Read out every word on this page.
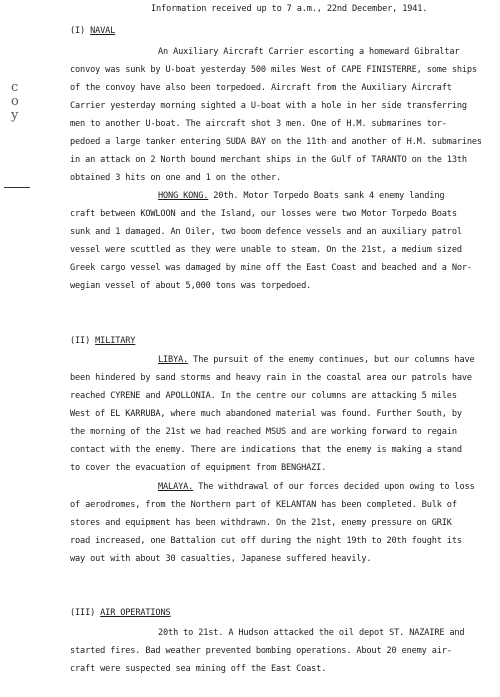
Information received up to 7 a.m., 22nd December, 1941.
c
o
y
(I) NAVAL
An Auxiliary Aircraft Carrier escorting a homeward Gibraltar
convoy was sunk by U-boat yesterday 500 miles West of CAPE FINISTERRE, some ships
of the convoy have also been torpedoed. Aircraft from the Auxiliary Aircraft
Carrier yesterday morning sighted a U-boat with a hole in her side transferring
men to another U-boat. The aircraft shot 3 men. One of H.M. submarines tor-
pedoed a large tanker entering SUDA BAY on the 11th and another of H.M. submarines
in an attack on 2 North bound merchant ships in the Gulf of TARANTO on the 13th
obtained 3 hits on one and 1 on the other.
HONG KONG. 20th. Motor Torpedo Boats sank 4 enemy landing
craft between KOWLOON and the Island, our losses were two Motor Torpedo Boats
sunk and 1 damaged. An Oiler, two boom defence vessels and an auxiliary patrol
vessel were scuttled as they were unable to steam. On the 21st, a medium sized
Greek cargo vessel was damaged by mine off the East Coast and beached and a Nor-
wegian vessel of about 5,000 tons was torpedoed.
(II) MILITARY
LIBYA. The pursuit of the enemy continues, but our columns have
been hindered by sand storms and heavy rain in the coastal area our patrols have
reached CYRENE and APOLLONIA. In the centre our columns are attacking 5 miles
West of EL KARRUBA, where much abandoned material was found. Further South, by
the morning of the 21st we had reached MSUS and are working forward to regain
contact with the enemy. There are indications that the enemy is making a stand
to cover the evacuation of equipment from BENGHAZI.
MALAYA. The withdrawal of our forces decided upon owing to loss
of aerodromes, from the Northern part of KELANTAN has been completed. Bulk of
stores and equipment has been withdrawn. On the 21st, enemy pressure on GRIK
road increased, one Battalion cut off during the night 19th to 20th fought its
way out with about 30 casualties, Japanese suffered heavily.
(III) AIR OPERATIONS
20th to 21st. A Hudson attacked the oil depot ST. NAZAIRE and
started fires. Bad weather prevented bombing operations. About 20 enemy air-
craft were suspected sea mining off the East Coast.
